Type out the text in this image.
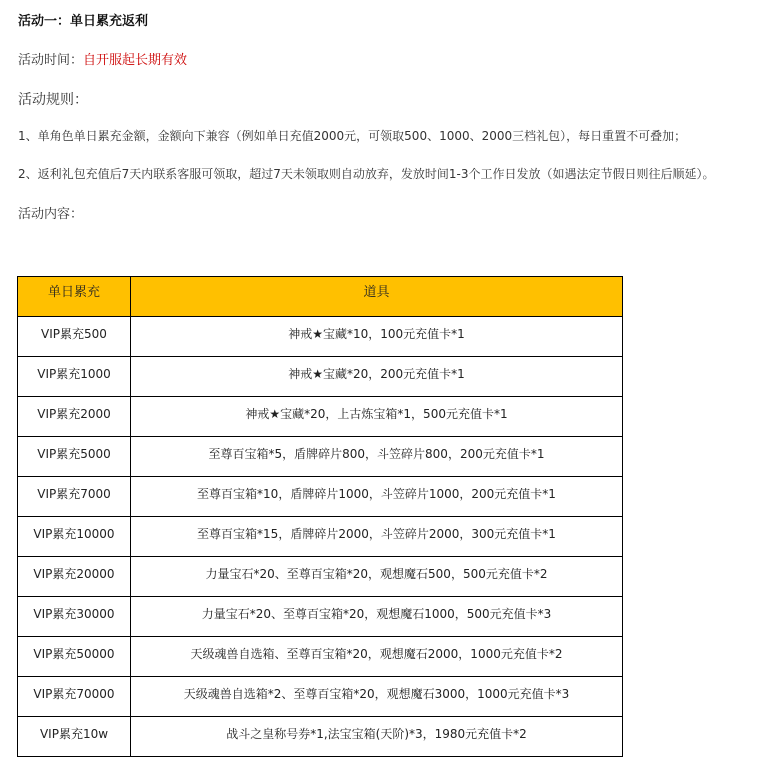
活动一：单日累充返利
活动时间：自开服起长期有效
活动规则：
1、单角色单日累充金额，金额向下兼容（例如单日充值2000元，可领取500、1000、2000三档礼包），每日重置不可叠加；
2、返利礼包充值后7天内联系客服可领取，超过7天未领取则自动放弃，发放时间1-3个工作日发放（如遇法定节假日则往后顺延）。
活动内容：
单日累充	道具
VIP累充500	神戒★宝藏*10，100元充值卡*1
VIP累充1000	神戒★宝藏*20，200元充值卡*1
VIP累充2000	神戒★宝藏*20，上古炼宝箱*1，500元充值卡*1
VIP累充5000	至尊百宝箱*5，盾牌碎片800，斗笠碎片800，200元充值卡*1
VIP累充7000	至尊百宝箱*10，盾牌碎片1000，斗笠碎片1000，200元充值卡*1
VIP累充10000	至尊百宝箱*15，盾牌碎片2000，斗笠碎片2000，300元充值卡*1
VIP累充20000	力量宝石*20、至尊百宝箱*20，观想魔石500，500元充值卡*2
VIP累充30000	力量宝石*20、至尊百宝箱*20，观想魔石1000，500元充值卡*3
VIP累充50000	天级魂兽自选箱、至尊百宝箱*20，观想魔石2000，1000元充值卡*2
VIP累充70000	天级魂兽自选箱*2、至尊百宝箱*20，观想魔石3000，1000元充值卡*3
VIP累充10w	战斗之皇称号券*1,法宝宝箱(天阶)*3，1980元充值卡*2
